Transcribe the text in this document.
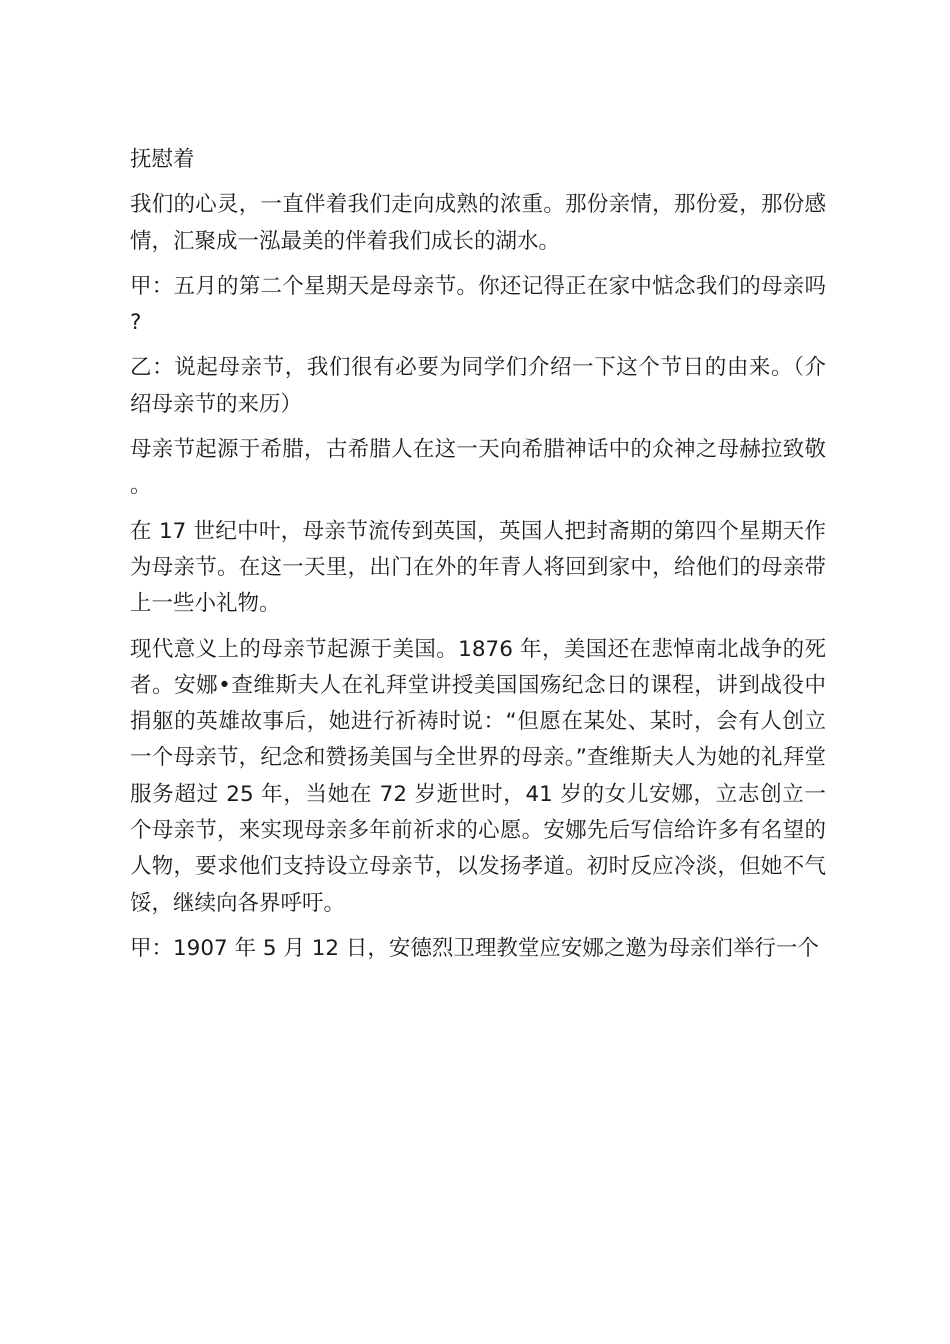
抚慰着

我们的心灵，一直伴着我们走向成熟的浓重。那份亲情，那份爱，那份感情，汇聚成一泓最美的伴着我们成长的湖水。

甲：五月的第二个星期天是母亲节。你还记得正在家中惦念我们的母亲吗?

乙：说起母亲节，我们很有必要为同学们介绍一下这个节日的由来。（介绍母亲节的来历）

母亲节起源于希腊，古希腊人在这一天向希腊神话中的众神之母赫拉致敬。

在 17 世纪中叶，母亲节流传到英国，英国人把封斋期的第四个星期天作为母亲节。在这一天里，出门在外的年青人将回到家中，给他们的母亲带上一些小礼物。

现代意义上的母亲节起源于美国。1876 年，美国还在悲悼南北战争的死者。安娜•查维斯夫人在礼拜堂讲授美国国殇纪念日的课程，讲到战役中捐躯的英雄故事后，她进行祈祷时说：“但愿在某处、某时，会有人创立一个母亲节，纪念和赞扬美国与全世界的母亲。”查维斯夫人为她的礼拜堂服务超过 25 年，当她在 72 岁逝世时，41 岁的女儿安娜，立志创立一个母亲节，来实现母亲多年前祈求的心愿。安娜先后写信给许多有名望的人物，要求他们支持设立母亲节，以发扬孝道。初时反应冷淡，但她不气馁，继续向各界呼吁。

甲：1907 年 5 月 12 日，安德烈卫理教堂应安娜之邀为母亲们举行一个
